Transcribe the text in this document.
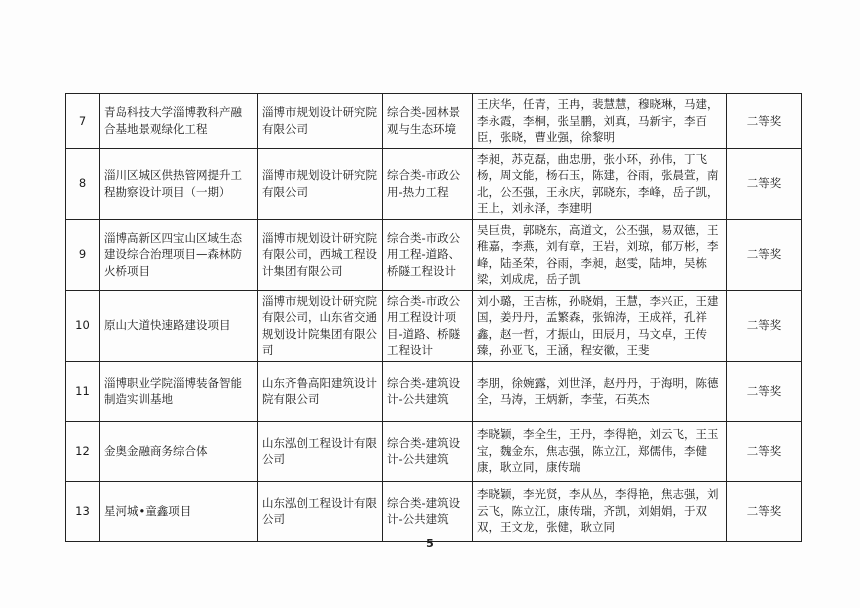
7	青岛科技大学淄博教科产融合基地景观绿化工程	淄博市规划设计研究院有限公司	综合类-园林景观与生态环境	王庆华，任青，王冉，裴慧慧，穆晓琳，马建，李永霞，李桐，张呈鹏，刘真，马新宇，李百臣，张晓，曹业强，徐黎明	二等奖
8	淄川区城区供热管网提升工程勘察设计项目（一期）	淄博市规划设计研究院有限公司	综合类-市政公用-热力工程	李昶，苏克磊，曲忠册，张小环，孙伟，丁飞杨，周文能，杨石玉，陈建，谷雨，张晨萱，南北，公丕强，王永庆，郭晓东，李峰，岳子凯，王上，刘永泽，李建明	二等奖
9	淄博高新区四宝山区域生态建设综合治理项目—森林防火桥项目	淄博市规划设计研究院有限公司，西城工程设计集团有限公司	综合类-市政公用工程-道路、桥隧工程设计	吴巨贵，郭晓东，高道文，公丕强，易双德，王稚嘉，李燕，刘有章，王岩，刘琼，郁万彬，李峰，陆圣荣，谷雨，李昶，赵雯，陆坤，吴栋梁，刘成虎，岳子凯	二等奖
10	原山大道快速路建设项目	淄博市规划设计研究院有限公司，山东省交通规划设计院集团有限公司	综合类-市政公用工程设计项目-道路、桥隧工程设计	刘小璐，王吉栋，孙晓娟，王慧，李兴正，王建国，姜丹丹，孟繁森，张锦涛，王成祥，孔祥鑫，赵一哲，才振山，田辰月，马文卓，王传臻，孙亚飞，王涵，程安徽，王斐	二等奖
11	淄博职业学院淄博装备智能制造实训基地	山东齐鲁高阳建筑设计院有限公司	综合类-建筑设计-公共建筑	李朋，徐婉露，刘世泽，赵丹丹，于海明，陈德全，马涛，王炳新，李莹，石英杰	二等奖
12	金奥金融商务综合体	山东泓创工程设计有限公司	综合类-建筑设计-公共建筑	李晓颖，李全生，王丹，李得艳，刘云飞，王玉宝，魏金东，焦志强，陈立江，郑儒伟，李健康，耿立同，康传瑞	二等奖
13	星河城•童鑫项目	山东泓创工程设计有限公司	综合类-建筑设计-公共建筑	李晓颖，李光贤，李从丛，李得艳，焦志强，刘云飞，陈立江，康传瑞，齐凯，刘娟娟，于双双，王文龙，张健，耿立同	二等奖
5
